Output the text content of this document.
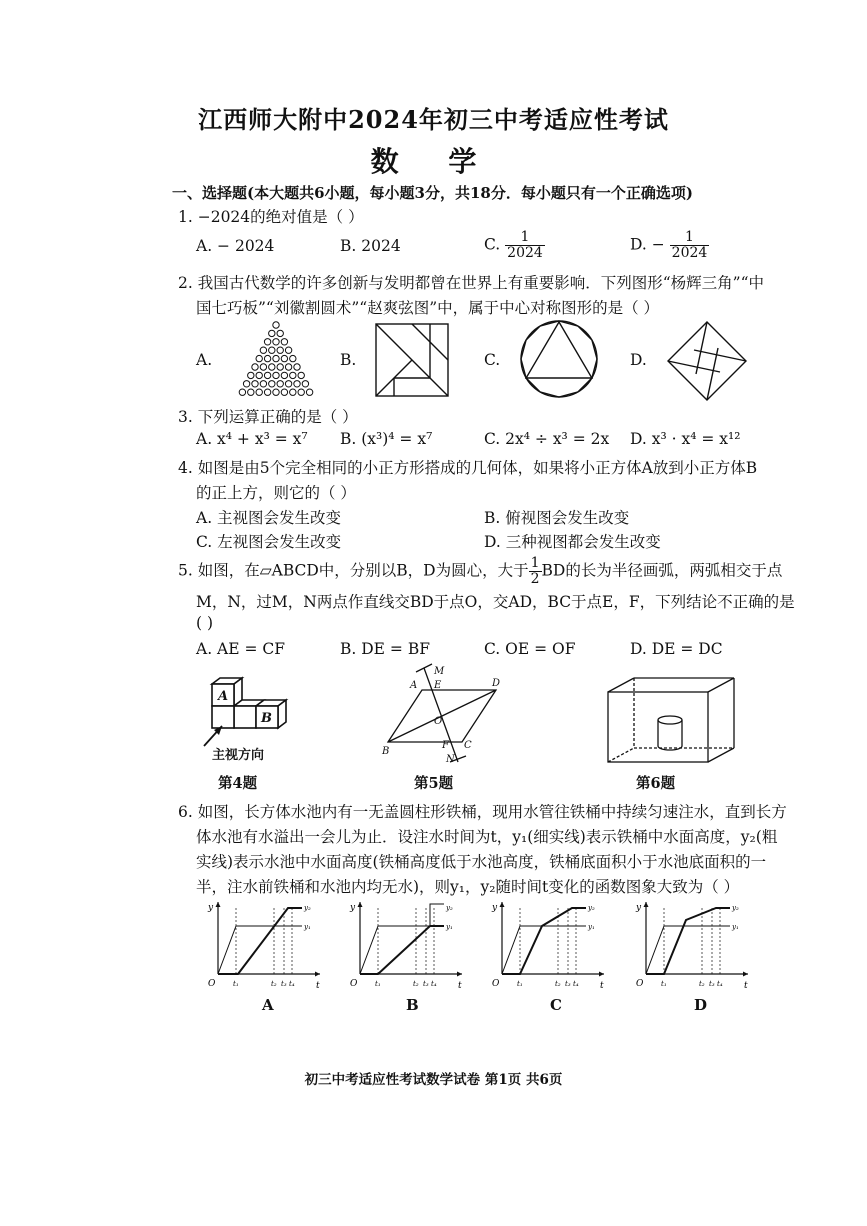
江西师大附中2024年初三中考适应性考试
数 学
一、选择题(本大题共6小题，每小题3分，共18分．每小题只有一个正确选项)
1. −2024的绝对值是（ ）
A. − 2024	B. 2024	C. $\frac{1}{2024}$	D. − $\frac{1}{2024}$
2. 我国古代数学的许多创新与发明都曾在世界上有重要影响．下列图形“杨辉三角”“中
国七巧板”“刘徽割圆术”“赵爽弦图”中，属于中心对称图形的是（ ）
A.	B.	C.	D.
3. 下列运算正确的是（ ）
A. x⁴ + x³ = x⁷ B. (x³)⁴ = x⁷	C. 2x⁴ ÷ x³ = 2x D. x³ · x⁴ = x¹²
4. 如图是由5个完全相同的小正方形搭成的几何体，如果将小正方体A放到小正方体B
的正上方，则它的（ ）
A. 主视图会发生改变	B. 俯视图会发生改变
C. 左视图会发生改变	D. 三种视图都会发生改变
5. 如图，在▱ABCD中，分别以B，D为圆心，大于 $\frac{1}{2}$ BD的长为半径画弧，两弧相交于点
M，N，过M，N两点作直线交BD于点O，交AD，BC于点E，F，下列结论不正确的是
( )
A. AE = CF	B. DE = BF	C. OE = OF	D. DE = DC
A
B
主视方向
第4题
A E	D
M
O
B
F C
N
第5题	第6题
6. 如图，长方体水池内有一无盖圆柱形铁桶，现用水管往铁桶中持续匀速注水，直到长方
体水池有水溢出一会儿为止．设注水时间为t，y₁(细实线)表示铁桶中水面高度，y₂(粗
实线)表示水池中水面高度(铁桶高度低于水池高度，铁桶底面积小于水池底面积的一
半，注水前铁桶和水池内均无水)，则y₁，y₂随时间t变化的函数图象大致为（ ）
y
t
O	t₁	t₂ t₃ t₄
y₂
y₁
y
t
O	t₁	t₂ t₃ t₄
y₂
y₁
y
t
O	t₁	t₂ t₃ t₄
y₂
y₁
y
t
O	t₁	t₂ t₃ t₄
y₂
y₁
A	B	C	D
初三中考适应性考试数学试卷 第1页 共6页
